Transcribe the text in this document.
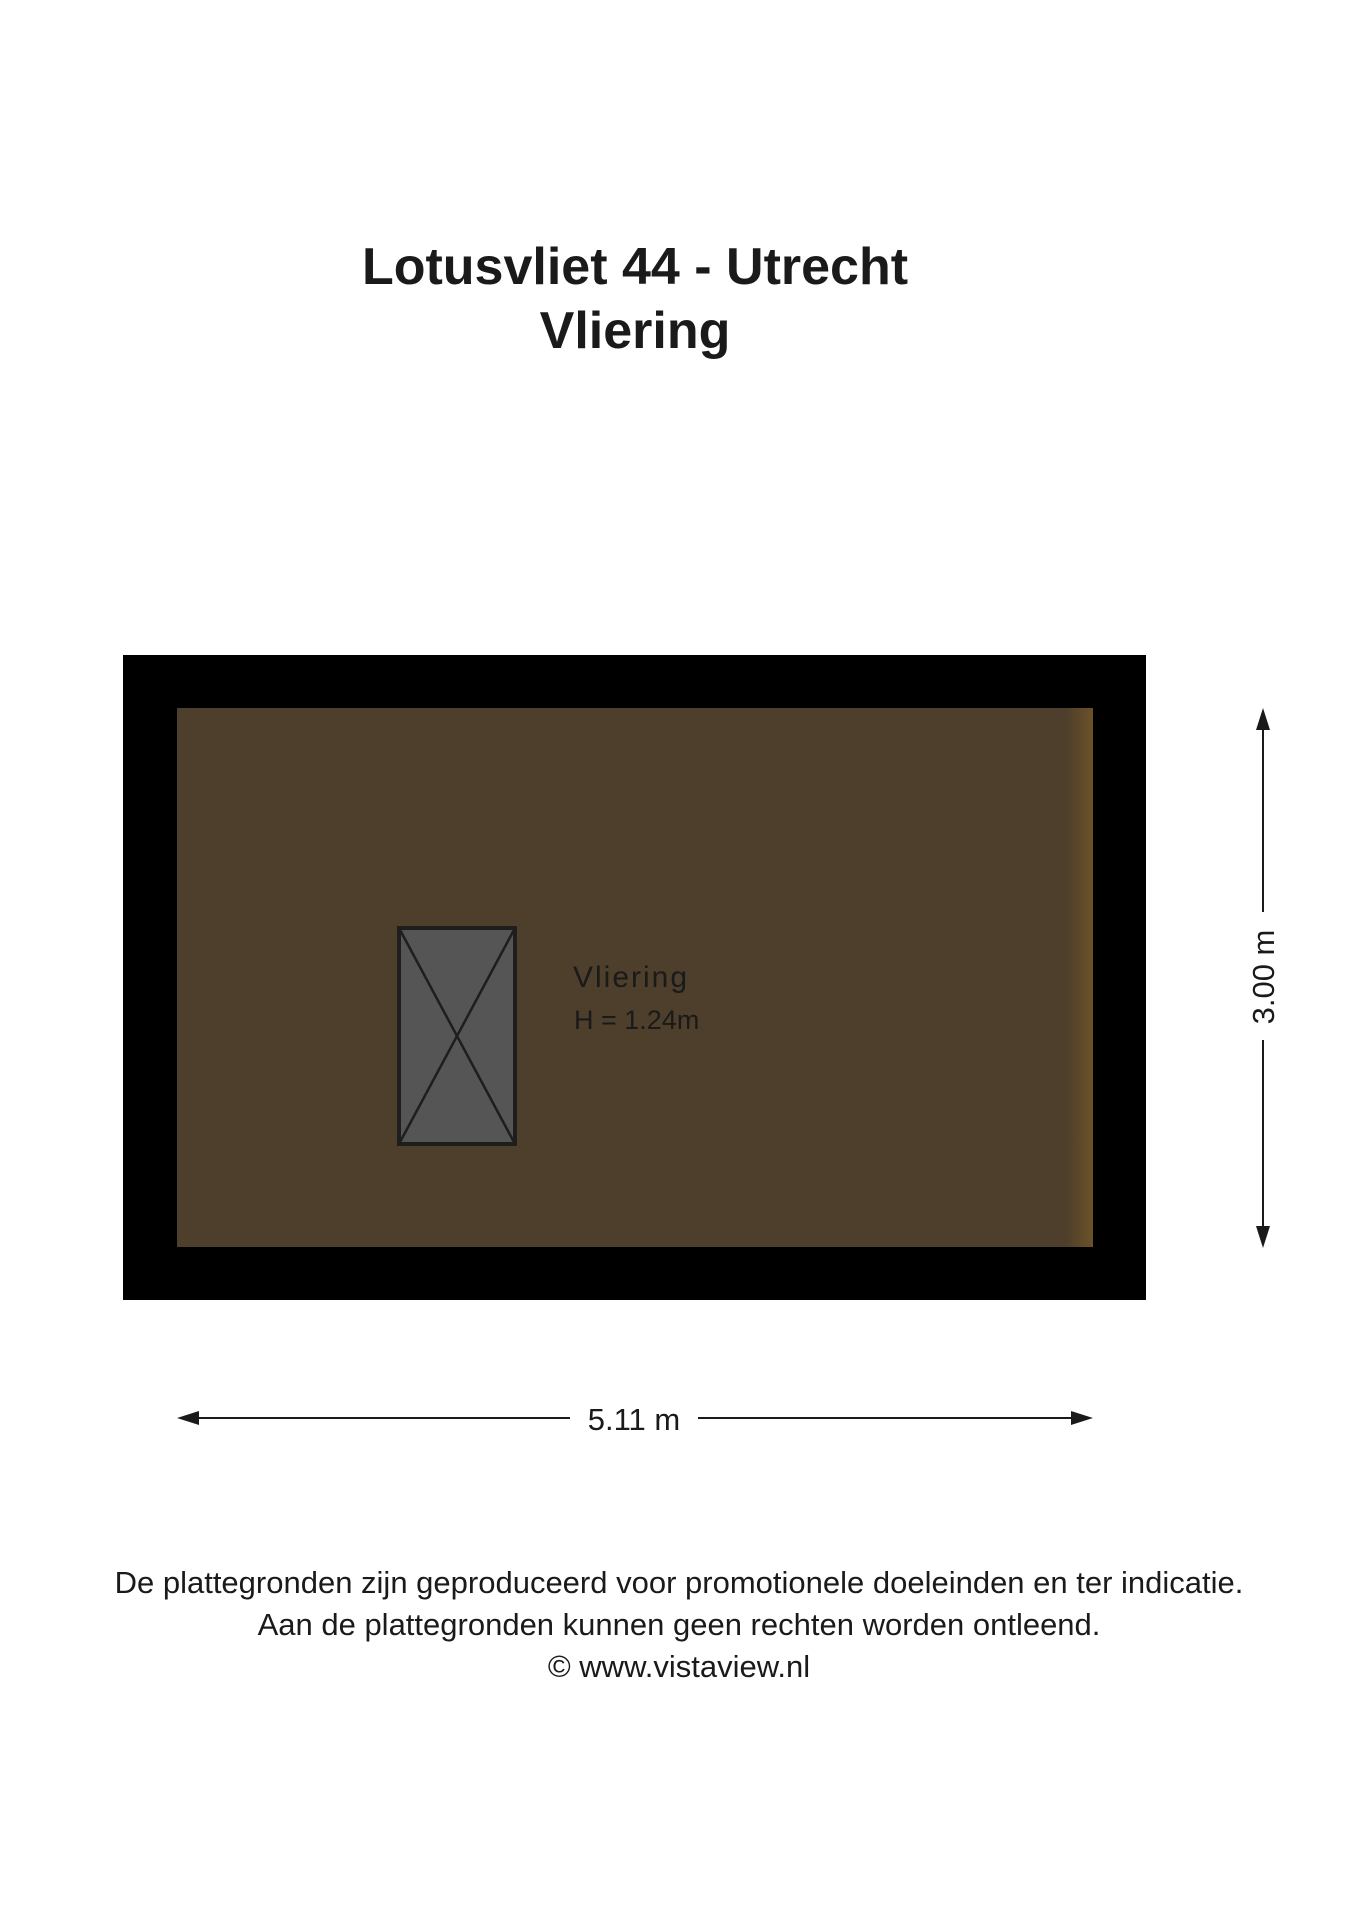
Lotusvliet 44 - Utrecht
Vliering
Vliering
H = 1.24m
5.11 m
3.00 m
De plattegronden zijn geproduceerd voor promotionele doeleinden en ter indicatie.
Aan de plattegronden kunnen geen rechten worden ontleend.
© www.vistaview.nl
